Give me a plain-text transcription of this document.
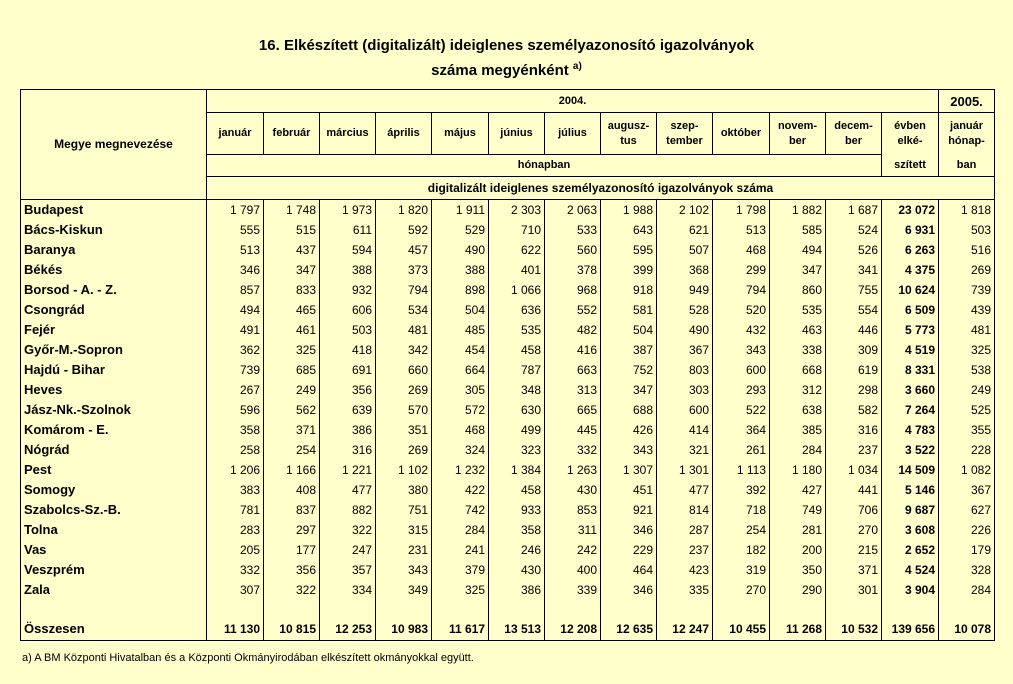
16. Elkészített (digitalizált) ideiglenes személyazonosító igazolványok
száma megyénként $^{a)}$
Megye megnevezése	2004.													2005.
	január	február	március	április	május	június	július	augusz-tus	szep-tember	október	novem-ber	decem-ber	évben elké-	január hónap-
	hónapban												szített	ban
	digitalizált ideiglenes személyazonosító igazolványok száma													
Budapest	1 797	1 748	1 973	1 820	1 911	2 303	2 063	1 988	2 102	1 798	1 882	1 687	23 072	1 818
Bács-Kiskun	555	515	611	592	529	710	533	643	621	513	585	524	6 931	503
Baranya	513	437	594	457	490	622	560	595	507	468	494	526	6 263	516
Békés	346	347	388	373	388	401	378	399	368	299	347	341	4 375	269
Borsod - A. - Z.	857	833	932	794	898	1 066	968	918	949	794	860	755	10 624	739
Csongrád	494	465	606	534	504	636	552	581	528	520	535	554	6 509	439
Fejér	491	461	503	481	485	535	482	504	490	432	463	446	5 773	481
Győr-M.-Sopron	362	325	418	342	454	458	416	387	367	343	338	309	4 519	325
Hajdú - Bihar	739	685	691	660	664	787	663	752	803	600	668	619	8 331	538
Heves	267	249	356	269	305	348	313	347	303	293	312	298	3 660	249
Jász-Nk.-Szolnok	596	562	639	570	572	630	665	688	600	522	638	582	7 264	525
Komárom - E.	358	371	386	351	468	499	445	426	414	364	385	316	4 783	355
Nógrád	258	254	316	269	324	323	332	343	321	261	284	237	3 522	228
Pest	1 206	1 166	1 221	1 102	1 232	1 384	1 263	1 307	1 301	1 113	1 180	1 034	14 509	1 082
Somogy	383	408	477	380	422	458	430	451	477	392	427	441	5 146	367
Szabolcs-Sz.-B.	781	837	882	751	742	933	853	921	814	718	749	706	9 687	627
Tolna	283	297	322	315	284	358	311	346	287	254	281	270	3 608	226
Vas	205	177	247	231	241	246	242	229	237	182	200	215	2 652	179
Veszprém	332	356	357	343	379	430	400	464	423	319	350	371	4 524	328
Zala	307	322	334	349	325	386	339	346	335	270	290	301	3 904	284
Összesen	11 130	10 815	12 253	10 983	11 617	13 513	12 208	12 635	12 247	10 455	11 268	10 532	139 656	10 078
a) A BM Központi Hivatalban és a Központi Okmányirodában elkészített okmányokkal együtt.
